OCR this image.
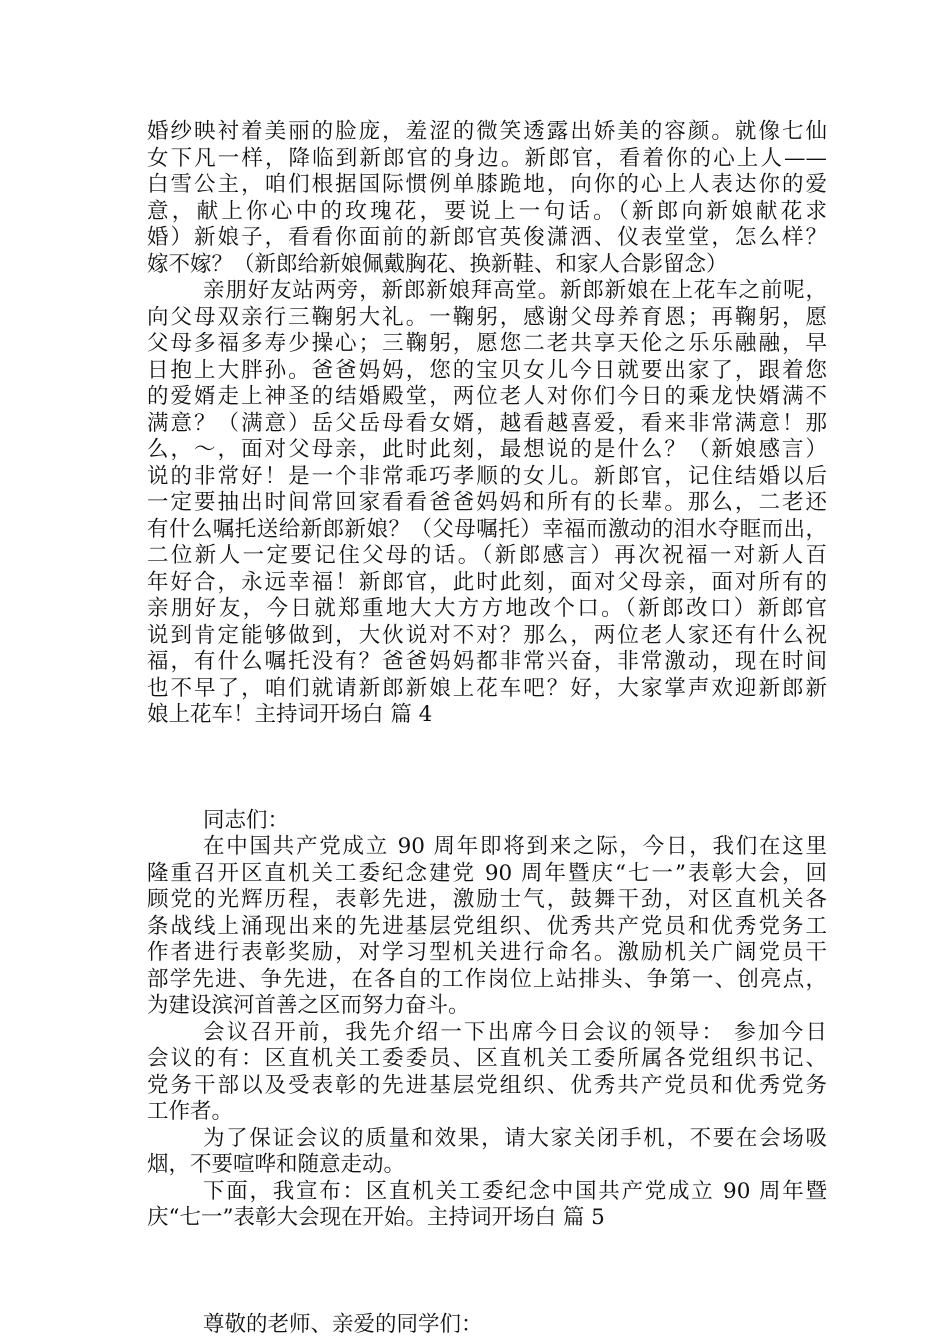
婚纱映衬着美丽的脸庞，羞涩的微笑透露出娇美的容颜。就像七仙
女下凡一样，降临到新郎官的身边。新郎官，看着你的心上人——
白雪公主，咱们根据国际惯例单膝跪地，向你的心上人表达你的爱
意，献上你心中的玫瑰花，要说上一句话。（新郎向新娘献花求
婚）新娘子，看看你面前的新郎官英俊潇洒、仪表堂堂，怎么样？
嫁不嫁？（新郎给新娘佩戴胸花、换新鞋、和家人合影留念）
亲朋好友站两旁，新郎新娘拜高堂。新郎新娘在上花车之前呢，
向父母双亲行三鞠躬大礼。一鞠躬，感谢父母养育恩；再鞠躬，愿
父母多福多寿少操心；三鞠躬，愿您二老共享天伦之乐乐融融，早
日抱上大胖孙。爸爸妈妈，您的宝贝女儿今日就要出家了，跟着您
的爱婿走上神圣的结婚殿堂，两位老人对你们今日的乘龙快婿满不
满意？（满意）岳父岳母看女婿，越看越喜爱，看来非常满意！那
么，～，面对父母亲，此时此刻，最想说的是什么？（新娘感言）
说的非常好！是一个非常乖巧孝顺的女儿。新郎官，记住结婚以后
一定要抽出时间常回家看看爸爸妈妈和所有的长辈。那么，二老还
有什么嘱托送给新郎新娘？（父母嘱托）幸福而激动的泪水夺眶而出，
二位新人一定要记住父母的话。（新郎感言）再次祝福一对新人百
年好合，永远幸福！新郎官，此时此刻，面对父母亲，面对所有的
亲朋好友，今日就郑重地大大方方地改个口。（新郎改口）新郎官
说到肯定能够做到，大伙说对不对？那么，两位老人家还有什么祝
福，有什么嘱托没有？爸爸妈妈都非常兴奋，非常激动，现在时间
也不早了，咱们就请新郎新娘上花车吧？好，大家掌声欢迎新郎新
娘上花车！主持词开场白 篇 4
同志们：
在中国共产党成立 90 周年即将到来之际，今日，我们在这里
隆重召开区直机关工委纪念建党 90 周年暨庆“七一”表彰大会，回
顾党的光辉历程，表彰先进，激励士气，鼓舞干劲，对区直机关各
条战线上涌现出来的先进基层党组织、优秀共产党员和优秀党务工
作者进行表彰奖励，对学习型机关进行命名。激励机关广阔党员干
部学先进、争先进，在各自的工作岗位上站排头、争第一、创亮点，
为建设滨河首善之区而努力奋斗。
会议召开前，我先介绍一下出席今日会议的领导： 参加今日
会议的有：区直机关工委委员、区直机关工委所属各党组织书记、
党务干部以及受表彰的先进基层党组织、优秀共产党员和优秀党务
工作者。
为了保证会议的质量和效果，请大家关闭手机，不要在会场吸
烟，不要喧哗和随意走动。
下面，我宣布：区直机关工委纪念中国共产党成立 90 周年暨
庆“七一”表彰大会现在开始。主持词开场白 篇 5
尊敬的老师、亲爱的同学们：
